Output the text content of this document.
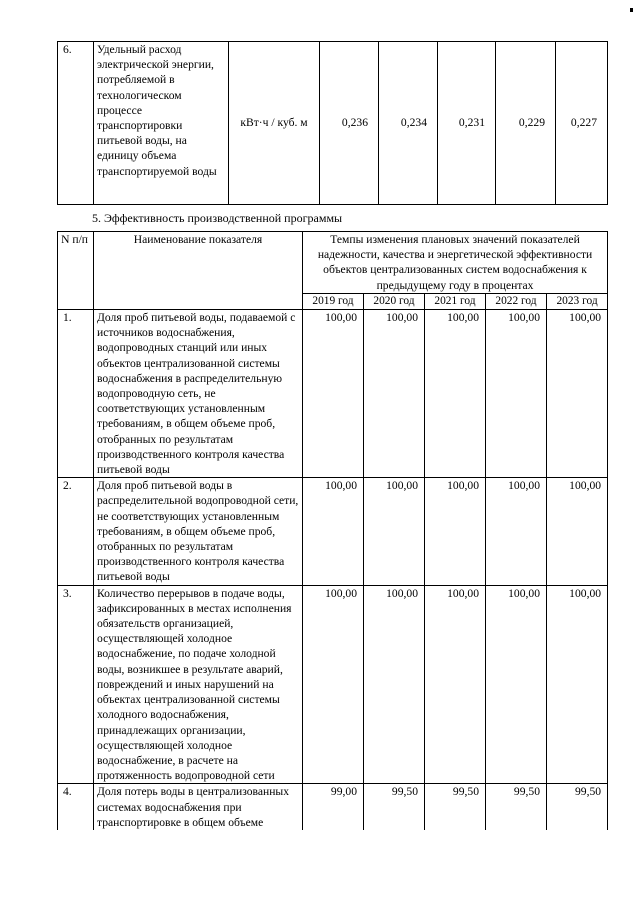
6.	Удельный расход электрической энергии, потребляемой в технологическом процессе транспортировки питьевой воды, на единицу объема транспортируемой воды	кВт·ч / куб. м	0,236	0,234	0,231	0,229	0,227
5. Эффективность производственной программы
N п/п	Наименование показателя	Темпы изменения плановых значений показателей надежности, качества и энергетической эффективности объектов централизованных систем водоснабжения к предыдущему году в процентах				
		2019 год	2020 год	2021 год	2022 год	2023 год
1.	Доля проб питьевой воды, подаваемой с источников водоснабжения, водопроводных станций или иных объектов централизованной системы водоснабжения в распределительную водопроводную сеть, не соответствующих установленным требованиям, в общем объеме проб, отобранных по результатам производственного контроля качества питьевой воды	100,00	100,00	100,00	100,00	100,00
2.	Доля проб питьевой воды в распределительной водопроводной сети, не соответствующих установленным требованиям, в общем объеме проб, отобранных по результатам производственного контроля качества питьевой воды	100,00	100,00	100,00	100,00	100,00
3.	Количество перерывов в подаче воды, зафиксированных в местах исполнения обязательств организацией, осуществляющей холодное водоснабжение, по подаче холодной воды, возникшее в результате аварий, повреждений и иных нарушений на объектах централизованной системы холодного водоснабжения, принадлежащих организации, осуществляющей холодное водоснабжение, в расчете на протяженность водопроводной сети	100,00	100,00	100,00	100,00	100,00
4.	Доля потерь воды в централизованных системах водоснабжения при транспортировке в общем объеме	99,00	99,50	99,50	99,50	99,50
